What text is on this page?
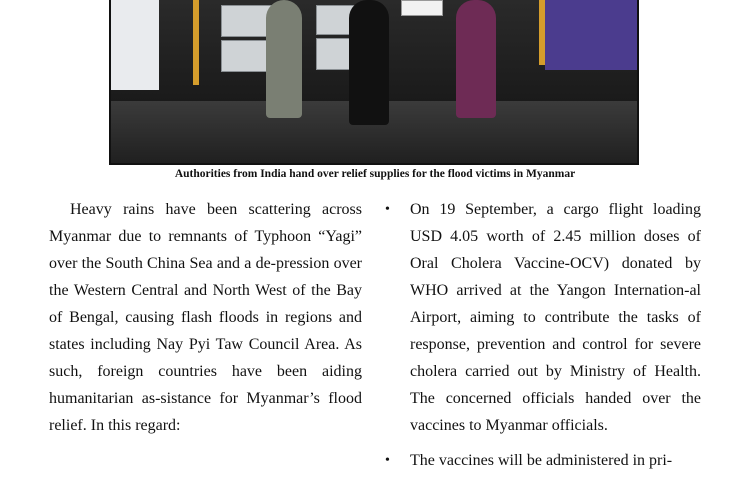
Authorities from India hand over relief supplies for the flood victims in Myanmar

Heavy rains have been scattering across Myanmar due to remnants of Typhoon “Yagi” over the South China Sea and a de-pression over the Western Central and North West of the Bay of Bengal, causing flash floods in regions and states including Nay Pyi Taw Council Area. As such, foreign countries have been aiding humanitarian as-sistance for Myanmar’s flood relief. In this regard:

• On 19 September, a cargo flight loading USD 4.05 worth of 2.45 million doses of Oral Cholera Vaccine-OCV) donated by WHO arrived at the Yangon Internation-al Airport, aiming to contribute the tasks of response, prevention and control for severe cholera carried out by Ministry of Health. The concerned officials handed over the vaccines to Myanmar officials.
• The vaccines will be administered in pri-
